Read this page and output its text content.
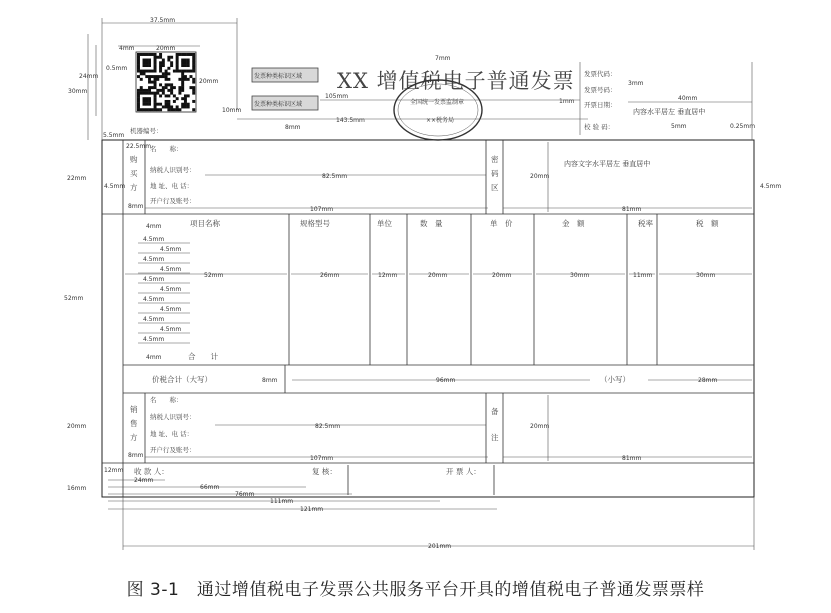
37.5mm
4mm	20mm
0.5mm
24mm
30mm
20mm
10mm
发票种类标识区域
发票种类标识区域
8mm
XX 增值税电子普通发票
7mm
105mm
1mm
全国统一发票监制章
××税务局
143.5mm
发票代码：
发票号码：
开票日期：
校 验 码：
3mm
40mm
内容水平居左 垂直居中
5mm	0.25mm
5.5mm
机器编号：
购
买
方
22.5mm
名　　称：
纳税人识别号：
地 址、电 话：
开户行及账号：
82.5mm
4.5mm
22mm
8mm	107mm
密
码
区
20mm
内容文字水平居左 垂直居中
81mm
4.5mm
项目名称	规格型号	单位	数　量	单　价	金　额	税率	税　额
52mm	26mm	12mm	20mm	20mm	30mm	11mm	30mm
4.5mm
4.5mm
4.5mm
4.5mm
4.5mm
4.5mm
4.5mm
4.5mm
4.5mm
4.5mm
4.5mm
4mm
52mm
4mm	合　　计
价税合计（大写）	8mm	96mm	（小写）	28mm
销
售
方
名　　称：
纳税人识别号：
地 址、电 话：
开户行及账号：
82.5mm
20mm
8mm	107mm
备
注
20mm
81mm
12mm 收 款 人：	复 核：	开 票 人：
16mm
24mm
66mm
76mm
111mm
121mm
201mm
图 3-1　通过增值税电子发票公共服务平台开具的增值税电子普通发票票样
